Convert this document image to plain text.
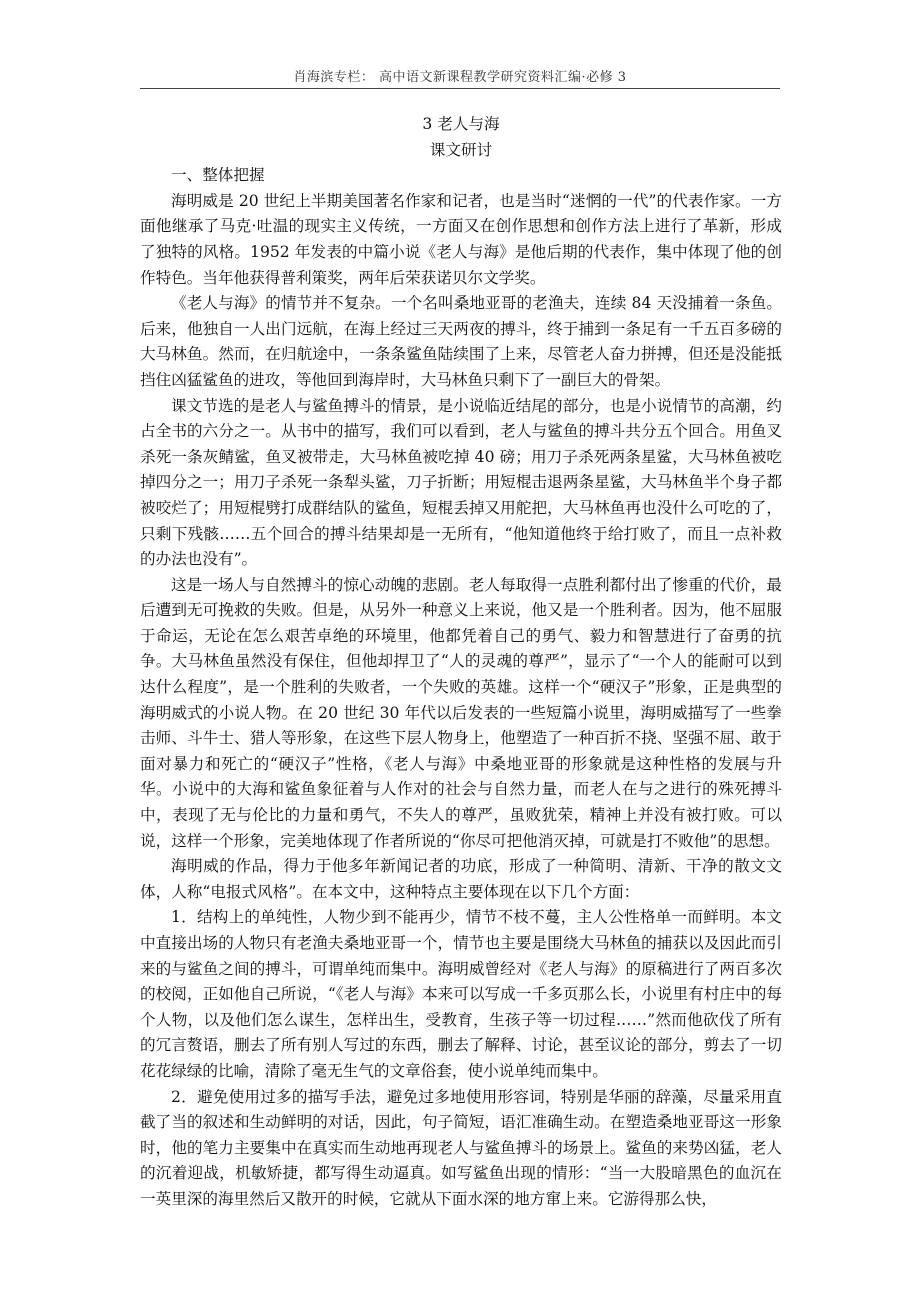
肖海滨专栏： 高中语文新课程教学研究资料汇编·必修 3

3 老人与海

课文研讨

一、整体把握

海明威是 20 世纪上半期美国著名作家和记者，也是当时“迷惘的一代”的代表作家。一方面他继承了马克·吐温的现实主义传统，一方面又在创作思想和创作方法上进行了革新，形成了独特的风格。1952 年发表的中篇小说《老人与海》是他后期的代表作，集中体现了他的创作特色。当年他获得普利策奖，两年后荣获诺贝尔文学奖。

《老人与海》的情节并不复杂。一个名叫桑地亚哥的老渔夫，连续 84 天没捕着一条鱼。后来，他独自一人出门远航，在海上经过三天两夜的搏斗，终于捕到一条足有一千五百多磅的大马林鱼。然而，在归航途中，一条条鲨鱼陆续围了上来，尽管老人奋力拼搏，但还是没能抵挡住凶猛鲨鱼的进攻，等他回到海岸时，大马林鱼只剩下了一副巨大的骨架。

课文节选的是老人与鲨鱼搏斗的情景，是小说临近结尾的部分，也是小说情节的高潮，约占全书的六分之一。从书中的描写，我们可以看到，老人与鲨鱼的搏斗共分五个回合。用鱼叉杀死一条灰鲭鲨，鱼叉被带走，大马林鱼被吃掉 40 磅；用刀子杀死两条星鲨，大马林鱼被吃掉四分之一；用刀子杀死一条犁头鲨，刀子折断；用短棍击退两条星鲨，大马林鱼半个身子都被咬烂了；用短棍劈打成群结队的鲨鱼，短棍丢掉又用舵把，大马林鱼再也没什么可吃的了，只剩下残骸……五个回合的搏斗结果却是一无所有，“他知道他终于给打败了，而且一点补救的办法也没有”。

这是一场人与自然搏斗的惊心动魄的悲剧。老人每取得一点胜利都付出了惨重的代价，最后遭到无可挽救的失败。但是，从另外一种意义上来说，他又是一个胜利者。因为，他不屈服于命运，无论在怎么艰苦卓绝的环境里，他都凭着自己的勇气、毅力和智慧进行了奋勇的抗争。大马林鱼虽然没有保住，但他却捍卫了“人的灵魂的尊严”，显示了“一个人的能耐可以到达什么程度”，是一个胜利的失败者，一个失败的英雄。这样一个“硬汉子”形象，正是典型的海明威式的小说人物。在 20 世纪 30 年代以后发表的一些短篇小说里，海明威描写了一些拳击师、斗牛士、猎人等形象，在这些下层人物身上，他塑造了一种百折不挠、坚强不屈、敢于面对暴力和死亡的“硬汉子”性格，《老人与海》中桑地亚哥的形象就是这种性格的发展与升华。小说中的大海和鲨鱼象征着与人作对的社会与自然力量，而老人在与之进行的殊死搏斗中，表现了无与伦比的力量和勇气，不失人的尊严，虽败犹荣，精神上并没有被打败。可以说，这样一个形象，完美地体现了作者所说的“你尽可把他消灭掉，可就是打不败他”的思想。

海明威的作品，得力于他多年新闻记者的功底，形成了一种简明、清新、干净的散文文体，人称“电报式风格”。在本文中，这种特点主要体现在以下几个方面：

1．结构上的单纯性，人物少到不能再少，情节不枝不蔓，主人公性格单一而鲜明。本文中直接出场的人物只有老渔夫桑地亚哥一个，情节也主要是围绕大马林鱼的捕获以及因此而引来的与鲨鱼之间的搏斗，可谓单纯而集中。海明威曾经对《老人与海》的原稿进行了两百多次的校阅，正如他自己所说，“《老人与海》本来可以写成一千多页那么长，小说里有村庄中的每个人物，以及他们怎么谋生，怎样出生，受教育，生孩子等一切过程……”然而他砍伐了所有的冗言赘语，删去了所有别人写过的东西，删去了解释、讨论，甚至议论的部分，剪去了一切花花绿绿的比喻，清除了毫无生气的文章俗套，使小说单纯而集中。

2．避免使用过多的描写手法，避免过多地使用形容词，特别是华丽的辞藻，尽量采用直截了当的叙述和生动鲜明的对话，因此，句子简短，语汇准确生动。在塑造桑地亚哥这一形象时，他的笔力主要集中在真实而生动地再现老人与鲨鱼搏斗的场景上。鲨鱼的来势凶猛，老人的沉着迎战，机敏矫捷，都写得生动逼真。如写鲨鱼出现的情形：“当一大股暗黑色的血沉在一英里深的海里然后又散开的时候，它就从下面水深的地方窜上来。它游得那么快，
